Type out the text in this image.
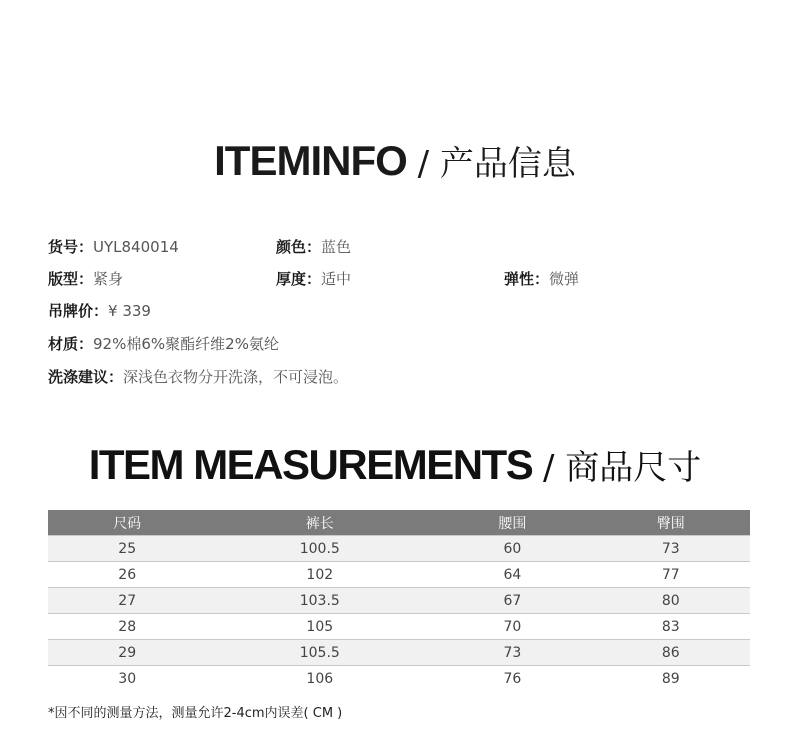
ITEMINFO / 产品信息
货号：UYL840014	颜色：蓝色
版型：紧身	厚度：适中	弹性：微弹
吊牌价：¥ 339
材质：92%棉6%聚酯纤维2%氨纶
洗涤建议：深浅色衣物分开洗涤，不可浸泡。
ITEM MEASUREMENTS / 商品尺寸
尺码	裤长	腰围	臀围
25	100.5	60	73
26	102	64	77
27	103.5	67	80
28	105	70	83
29	105.5	73	86
30	106	76	89
*因不同的测量方法，测量允许2-4cm内误差( CM )
